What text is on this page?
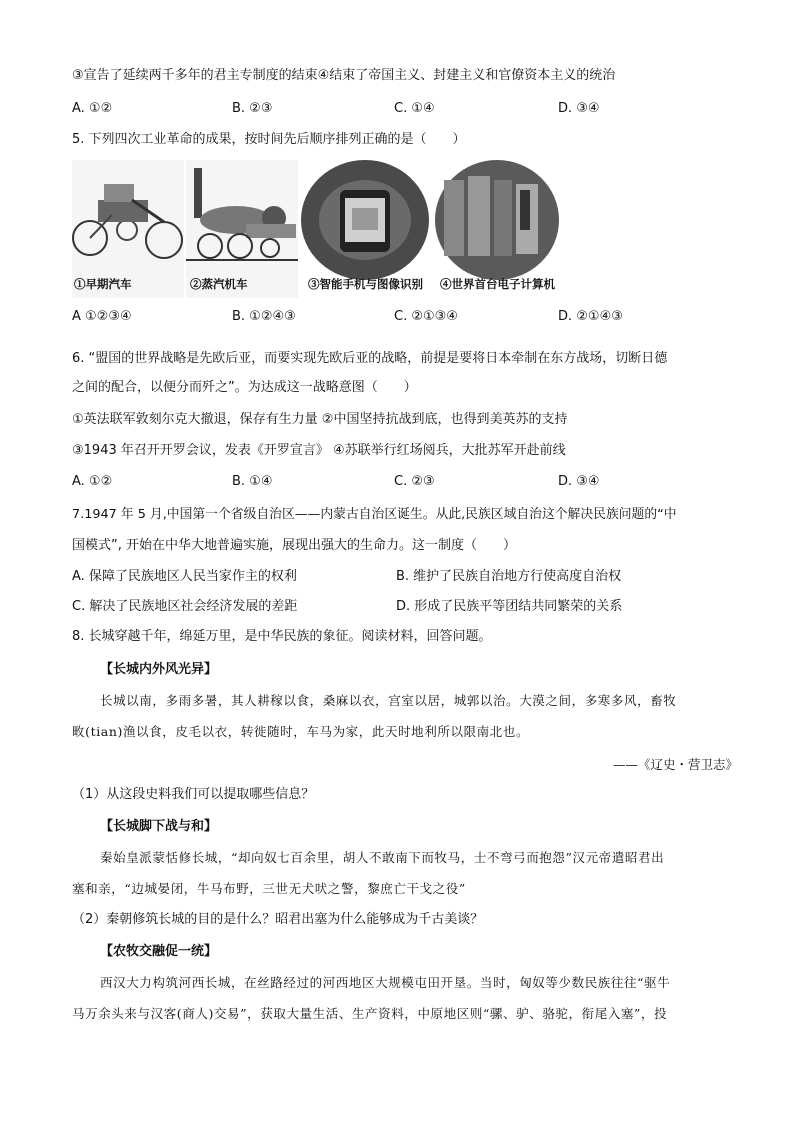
③宣告了延续两千多年的君主专制度的结束④结束了帝国主义、封建主义和官僚资本主义的统治
A. ①②	B. ②③	C. ①④	D. ③④
5. 下列四次工业革命的成果，按时间先后顺序排列正确的是（　　）
①早期汽车	②蒸汽机车	③智能手机与图像识别 ④世界首台电子计算机
A ①②③④	B. ①②④③	C. ②①③④	D. ②①④③
6. “盟国的世界战略是先欧后亚，而要实现先欧后亚的战略，前提是要将日本牵制在东方战场，切断日德
之间的配合，以便分而歼之”。为达成这一战略意图（　　）
①英法联军敦刻尔克大撤退，保存有生力量 ②中国坚持抗战到底，也得到美英苏的支持
③1943 年召开开罗会议，发表《开罗宣言》 ④苏联举行红场阅兵，大批苏军开赴前线
A. ①②	B. ①④	C. ②③	D. ③④
7.1947 年 5 月,中国第一个省级自治区——内蒙古自治区诞生。从此,民族区域自治这个解决民族问题的“中
国模式”, 开始在中华大地普遍实施，展现出强大的生命力。这一制度（　　）
A. 保障了民族地区人民当家作主的权利	B. 维护了民族自治地方行使高度自治权
C. 解决了民族地区社会经济发展的差距	D. 形成了民族平等团结共同繁荣的关系
8. 长城穿越千年，绵延万里，是中华民族的象征。阅读材料，回答问题。
【长城内外风光异】
长城以南，多雨多暑，其人耕稼以食，桑麻以衣，宫室以居，城郭以治。大漠之间，多寒多风，畜牧
畋(tian)渔以食，皮毛以衣，转徙随时，车马为家，此天时地利所以限南北也。
——《辽史・营卫志》
（1）从这段史料我们可以提取哪些信息？
【长城脚下战与和】
秦始皇派蒙恬修长城，“却向奴七百余里，胡人不敢南下而牧马，士不弯弓而抱怨”汉元帝遣昭君出
塞和亲，“边城晏闭，牛马布野，三世无犬吠之警，黎庶亡干戈之役”
（2）秦朝修筑长城的目的是什么？昭君出塞为什么能够成为千古美谈？
【农牧交融促一统】
西汉大力构筑河西长城，在丝路经过的河西地区大规模屯田开垦。当时，匈奴等少数民族往往“驱牛
马万余头来与汉客(商人)交易”，获取大量生活、生产资料，中原地区则“骡、驴、骆驼，衔尾入塞”，投
